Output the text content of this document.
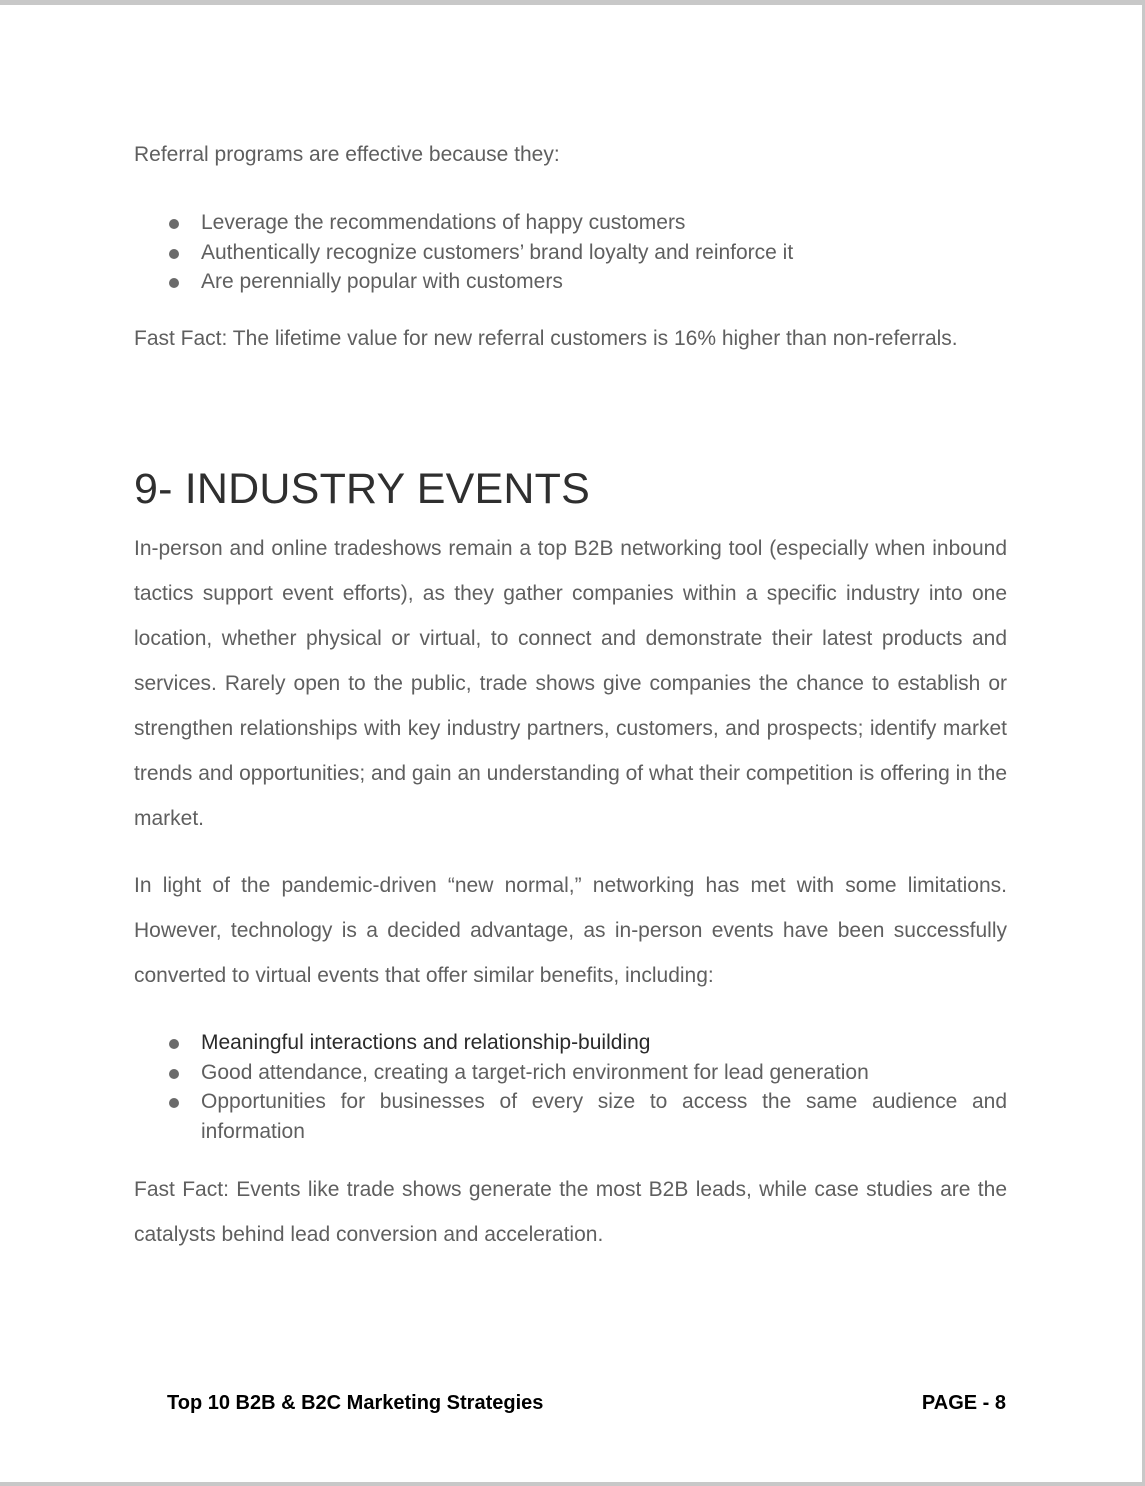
Referral programs are effective because they:

Leverage the recommendations of happy customers
Authentically recognize customers’ brand loyalty and reinforce it
Are perennially popular with customers

Fast Fact: The lifetime value for new referral customers is 16% higher than non-referrals.

9- INDUSTRY EVENTS

In-person and online tradeshows remain a top B2B networking tool (especially when inbound tactics support event efforts), as they gather companies within a specific industry into one location, whether physical or virtual, to connect and demonstrate their latest products and services. Rarely open to the public, trade shows give companies the chance to establish or strengthen relationships with key industry partners, customers, and prospects; identify market trends and opportunities; and gain an understanding of what their competition is offering in the market.

In light of the pandemic-driven “new normal,” networking has met with some limitations. However, technology is a decided advantage, as in-person events have been successfully converted to virtual events that offer similar benefits, including:

Meaningful interactions and relationship-building
Good attendance, creating a target-rich environment for lead generation
Opportunities for businesses of every size to access the same audience and information

Fast Fact: Events like trade shows generate the most B2B leads, while case studies are the catalysts behind lead conversion and acceleration.

Top 10 B2B & B2C Marketing Strategies	PAGE - 8
